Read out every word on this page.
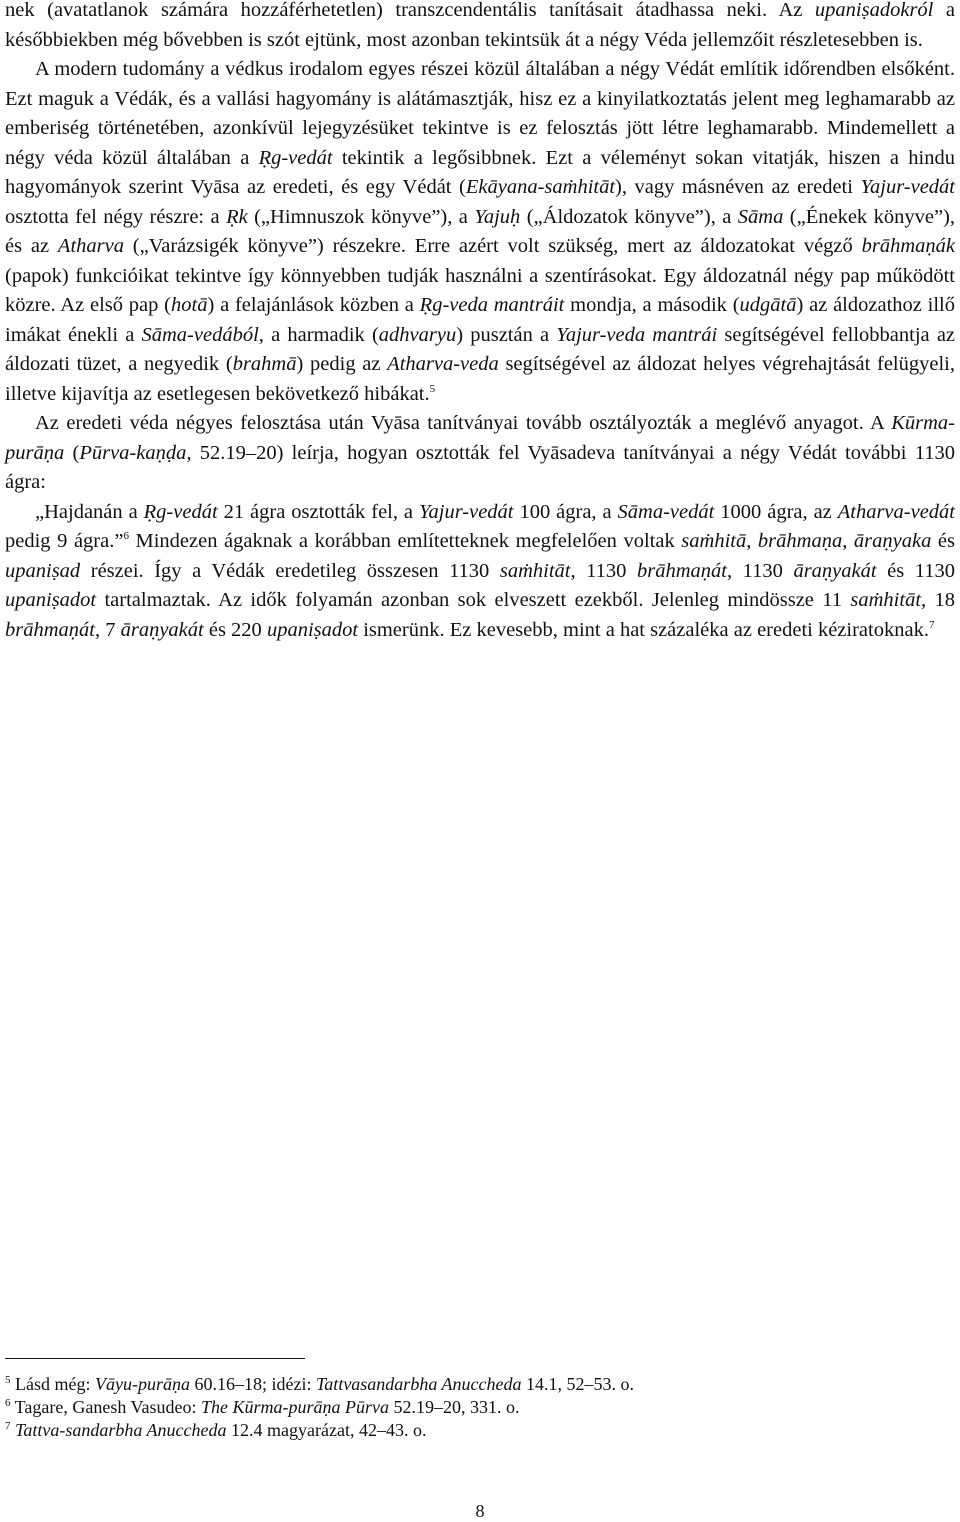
nek (avatatlanok számára hozzáférhetetlen) transzcendentális tanításait átadhassa neki. Az upaniṣadokról a későbbiekben még bővebben is szót ejtünk, most azonban tekintsük át a négy Véda jellemzőit részletesebben is.

A modern tudomány a védkus irodalom egyes részei közül általában a négy Védát említik időrendben elsőként. Ezt maguk a Védák, és a vallási hagyomány is alátámasztják, hisz ez a kinyilatkoztatás jelent meg leghamarabb az emberiség történetében, azonkívül lejegyzésüket tekintve is ez felosztás jött létre leghamarabb. Mindemellett a négy véda közül általában a Ṛg-vedát tekintik a legősibbnek. Ezt a véleményt sokan vitatják, hiszen a hindu hagyományok szerint Vyāsa az eredeti, és egy Védát (Ekāyana-saṁhitāt), vagy másnéven az eredeti Yajur-vedát osztotta fel négy részre: a Ṛk („Himnuszok könyve”), a Yajuḥ („Áldozatok könyve”), a Sāma („Énekek könyve”), és az Atharva („Varázsigék könyve”) részekre. Erre azért volt szükség, mert az áldozatokat végző brāhmaṇák (papok) funkcióikat tekintve így könnyebben tudják használni a szentírásokat. Egy áldozatnál négy pap működött közre. Az első pap (hotā) a felajánlások közben a Ṛg-veda mantráit mondja, a második (udgātā) az áldozathoz illő imákat énekli a Sāma-vedából, a harmadik (adhvaryu) pusztán a Yajur-veda mantrái segítségével fellobbantja az áldozati tüzet, a negyedik (brahmā) pedig az Atharva-veda segítségével az áldozat helyes végrehajtását felügyeli, illetve kijavítja az esetlegesen bekövetkező hibákat.$^5$

Az eredeti véda négyes felosztása után Vyāsa tanítványai tovább osztályozták a meglévő anyagot. A Kūrma-purāṇa (Pūrva-kaṇḍa, 52.19–20) leírja, hogyan osztották fel Vyāsadeva tanítványai a négy Védát további 1130 ágra:

„Hajdanán a Ṛg-vedát 21 ágra osztották fel, a Yajur-vedát 100 ágra, a Sāma-vedát 1000 ágra, az Atharva-vedát pedig 9 ágra.”$^6$ Mindezen ágaknak a korábban említetteknek megfelelően voltak saṁhitā, brāhmaṇa, āraṇyaka és upaniṣad részei. Így a Védák eredetileg összesen 1130 saṁhitāt, 1130 brāhmaṇát, 1130 āraṇyakát és 1130 upaniṣadot tartalmaztak. Az idők folyamán azonban sok elveszett ezekből. Jelenleg mindössze 11 saṁhitāt, 18 brāhmaṇát, 7 āraṇyakát és 220 upaniṣadot ismerünk. Ez kevesebb, mint a hat százaléka az eredeti kéziratoknak.$^7$

$^5$ Lásd még: Vāyu-purāṇa 60.16–18; idézi: Tattvasandarbha Anuccheda 14.1, 52–53. o.
$^6$ Tagare, Ganesh Vasudeo: The Kūrma-purāṇa Pūrva 52.19–20, 331. o.
$^7$ Tattva-sandarbha Anuccheda 12.4 magyarázat, 42–43. o.
8
